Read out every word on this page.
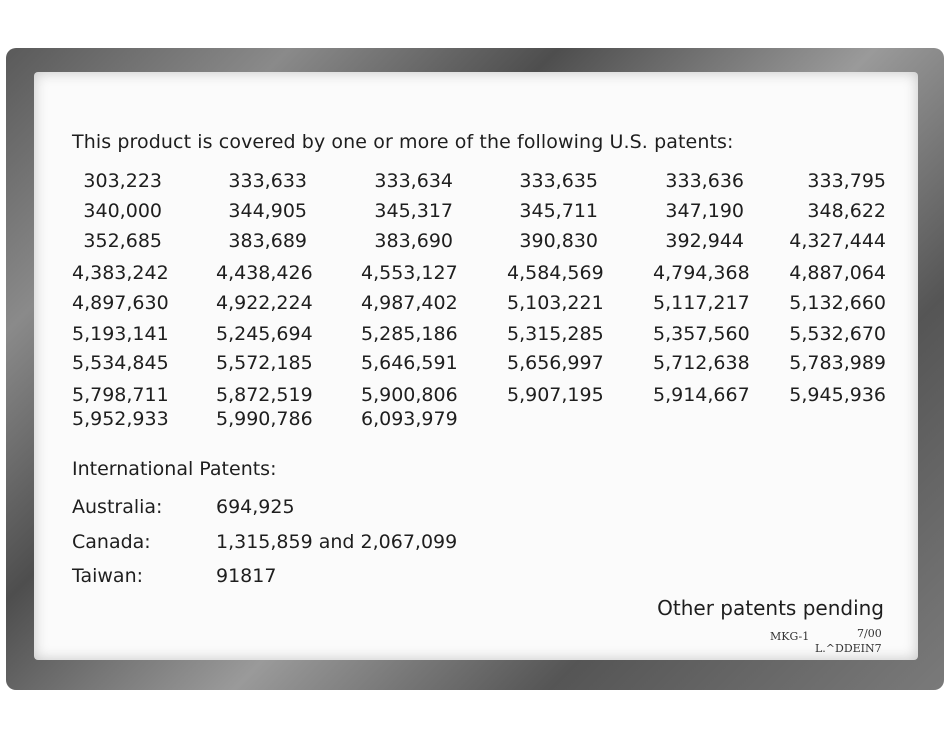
This product is covered by one or more of the following U.S. patents:
303,223	333,633	333,634	333,635	333,636	333,795
340,000	344,905	345,317	345,711	347,190	348,622
352,685	383,689	383,690	390,830	392,944	4,327,444
4,383,242	4,438,426	4,553,127	4,584,569	4,794,368	4,887,064
4,897,630	4,922,224	4,987,402	5,103,221	5,117,217	5,132,660
5,193,141	5,245,694	5,285,186	5,315,285	5,357,560	5,532,670
5,534,845	5,572,185	5,646,591	5,656,997	5,712,638	5,783,989
5,798,711	5,872,519	5,900,806	5,907,195	5,914,667	5,945,936
5,952,933	5,990,786	6,093,979
International Patents:
Australia:	694,925
Canada:	1,315,859 and 2,067,099
Taiwan:	91817
Other patents pending
MKG-1	7/00
L.^DDEIN7
